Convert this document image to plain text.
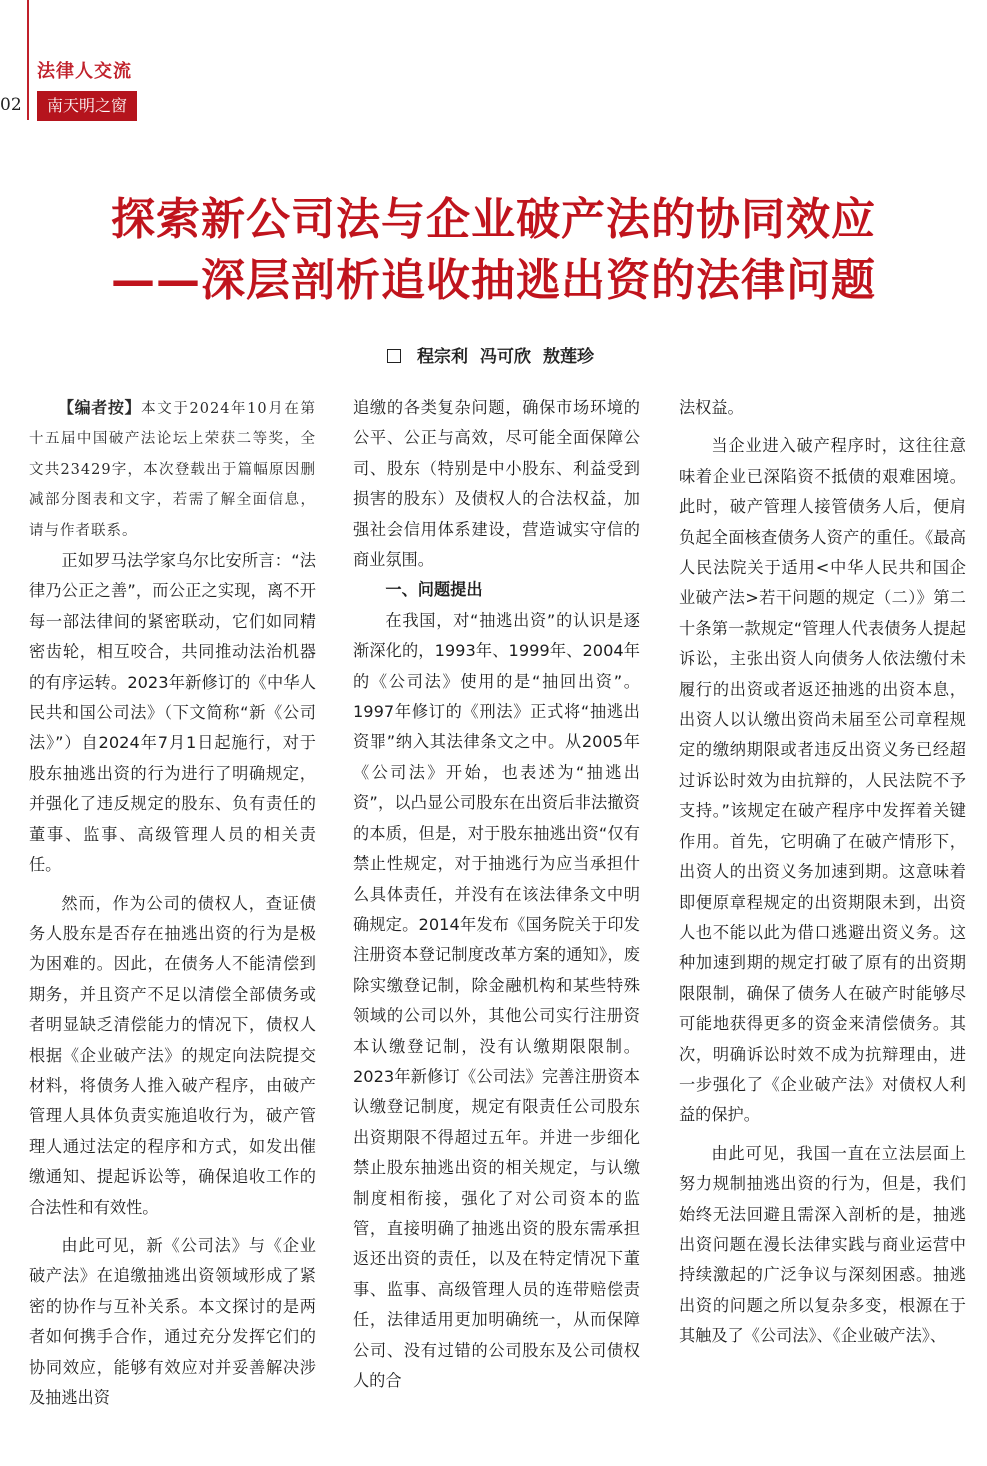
02
法律人交流
南天明之窗
探索新公司法与企业破产法的协同效应
——深层剖析追收抽逃出资的法律问题
程宗利 冯可欣 敖莲珍

【编者按】本文于2024年10月在第十五届中国破产法论坛上荣获二等奖，全文共23429字，本次登载出于篇幅原因删减部分图表和文字，若需了解全面信息，请与作者联系。

正如罗马法学家乌尔比安所言：“法律乃公正之善”，而公正之实现，离不开每一部法律间的紧密联动，它们如同精密齿轮，相互咬合，共同推动法治机器的有序运转。2023年新修订的《中华人民共和国公司法》（下文简称“新《公司法》”）自2024年7月1日起施行，对于股东抽逃出资的行为进行了明确规定，并强化了违反规定的股东、负有责任的董事、监事、高级管理人员的相关责任。

然而，作为公司的债权人，查证债务人股东是否存在抽逃出资的行为是极为困难的。因此，在债务人不能清偿到期务，并且资产不足以清偿全部债务或者明显缺乏清偿能力的情况下，债权人根据《企业破产法》的规定向法院提交材料，将债务人推入破产程序，由破产管理人具体负责实施追收行为，破产管理人通过法定的程序和方式，如发出催缴通知、提起诉讼等，确保追收工作的合法性和有效性。

由此可见，新《公司法》与《企业破产法》在追缴抽逃出资领域形成了紧密的协作与互补关系。本文探讨的是两者如何携手合作，通过充分发挥它们的协同效应，能够有效应对并妥善解决涉及抽逃出资

追缴的各类复杂问题，确保市场环境的公平、公正与高效，尽可能全面保障公司、股东（特别是中小股东、利益受到损害的股东）及债权人的合法权益，加强社会信用体系建设，营造诚实守信的商业氛围。

一、问题提出

在我国，对“抽逃出资”的认识是逐渐深化的，1993年、1999年、2004年的《公司法》使用的是“抽回出资”。1997年修订的《刑法》正式将“抽逃出资罪”纳入其法律条文之中。从2005年《公司法》开始，也表述为“抽逃出资”，以凸显公司股东在出资后非法撤资的本质，但是，对于股东抽逃出资“仅有禁止性规定，对于抽逃行为应当承担什么具体责任，并没有在该法律条文中明确规定。2014年发布《国务院关于印发注册资本登记制度改革方案的通知》，废除实缴登记制，除金融机构和某些特殊领域的公司以外，其他公司实行注册资本认缴登记制，没有认缴期限限制。2023年新修订《公司法》完善注册资本认缴登记制度，规定有限责任公司股东出资期限不得超过五年。并进一步细化禁止股东抽逃出资的相关规定，与认缴制度相衔接，强化了对公司资本的监管，直接明确了抽逃出资的股东需承担返还出资的责任，以及在特定情况下董事、监事、高级管理人员的连带赔偿责任，法律适用更加明确统一，从而保障公司、没有过错的公司股东及公司债权人的合

法权益。

当企业进入破产程序时，这往往意味着企业已深陷资不抵债的艰难困境。此时，破产管理人接管债务人后，便肩负起全面核查债务人资产的重任。《最高人民法院关于适用<中华人民共和国企业破产法>若干问题的规定（二）》第二十条第一款规定“管理人代表债务人提起诉讼，主张出资人向债务人依法缴付未履行的出资或者返还抽逃的出资本息，出资人以认缴出资尚未届至公司章程规定的缴纳期限或者违反出资义务已经超过诉讼时效为由抗辩的，人民法院不予支持。”该规定在破产程序中发挥着关键作用。首先，它明确了在破产情形下，出资人的出资义务加速到期。这意味着即便原章程规定的出资期限未到，出资人也不能以此为借口逃避出资义务。这种加速到期的规定打破了原有的出资期限限制，确保了债务人在破产时能够尽可能地获得更多的资金来清偿债务。其次，明确诉讼时效不成为抗辩理由，进一步强化了《企业破产法》对债权人利益的保护。

由此可见，我国一直在立法层面上努力规制抽逃出资的行为，但是，我们始终无法回避且需深入剖析的是，抽逃出资问题在漫长法律实践与商业运营中持续激起的广泛争议与深刻困惑。抽逃出资的问题之所以复杂多变，根源在于其触及了《公司法》、《企业破产法》、
